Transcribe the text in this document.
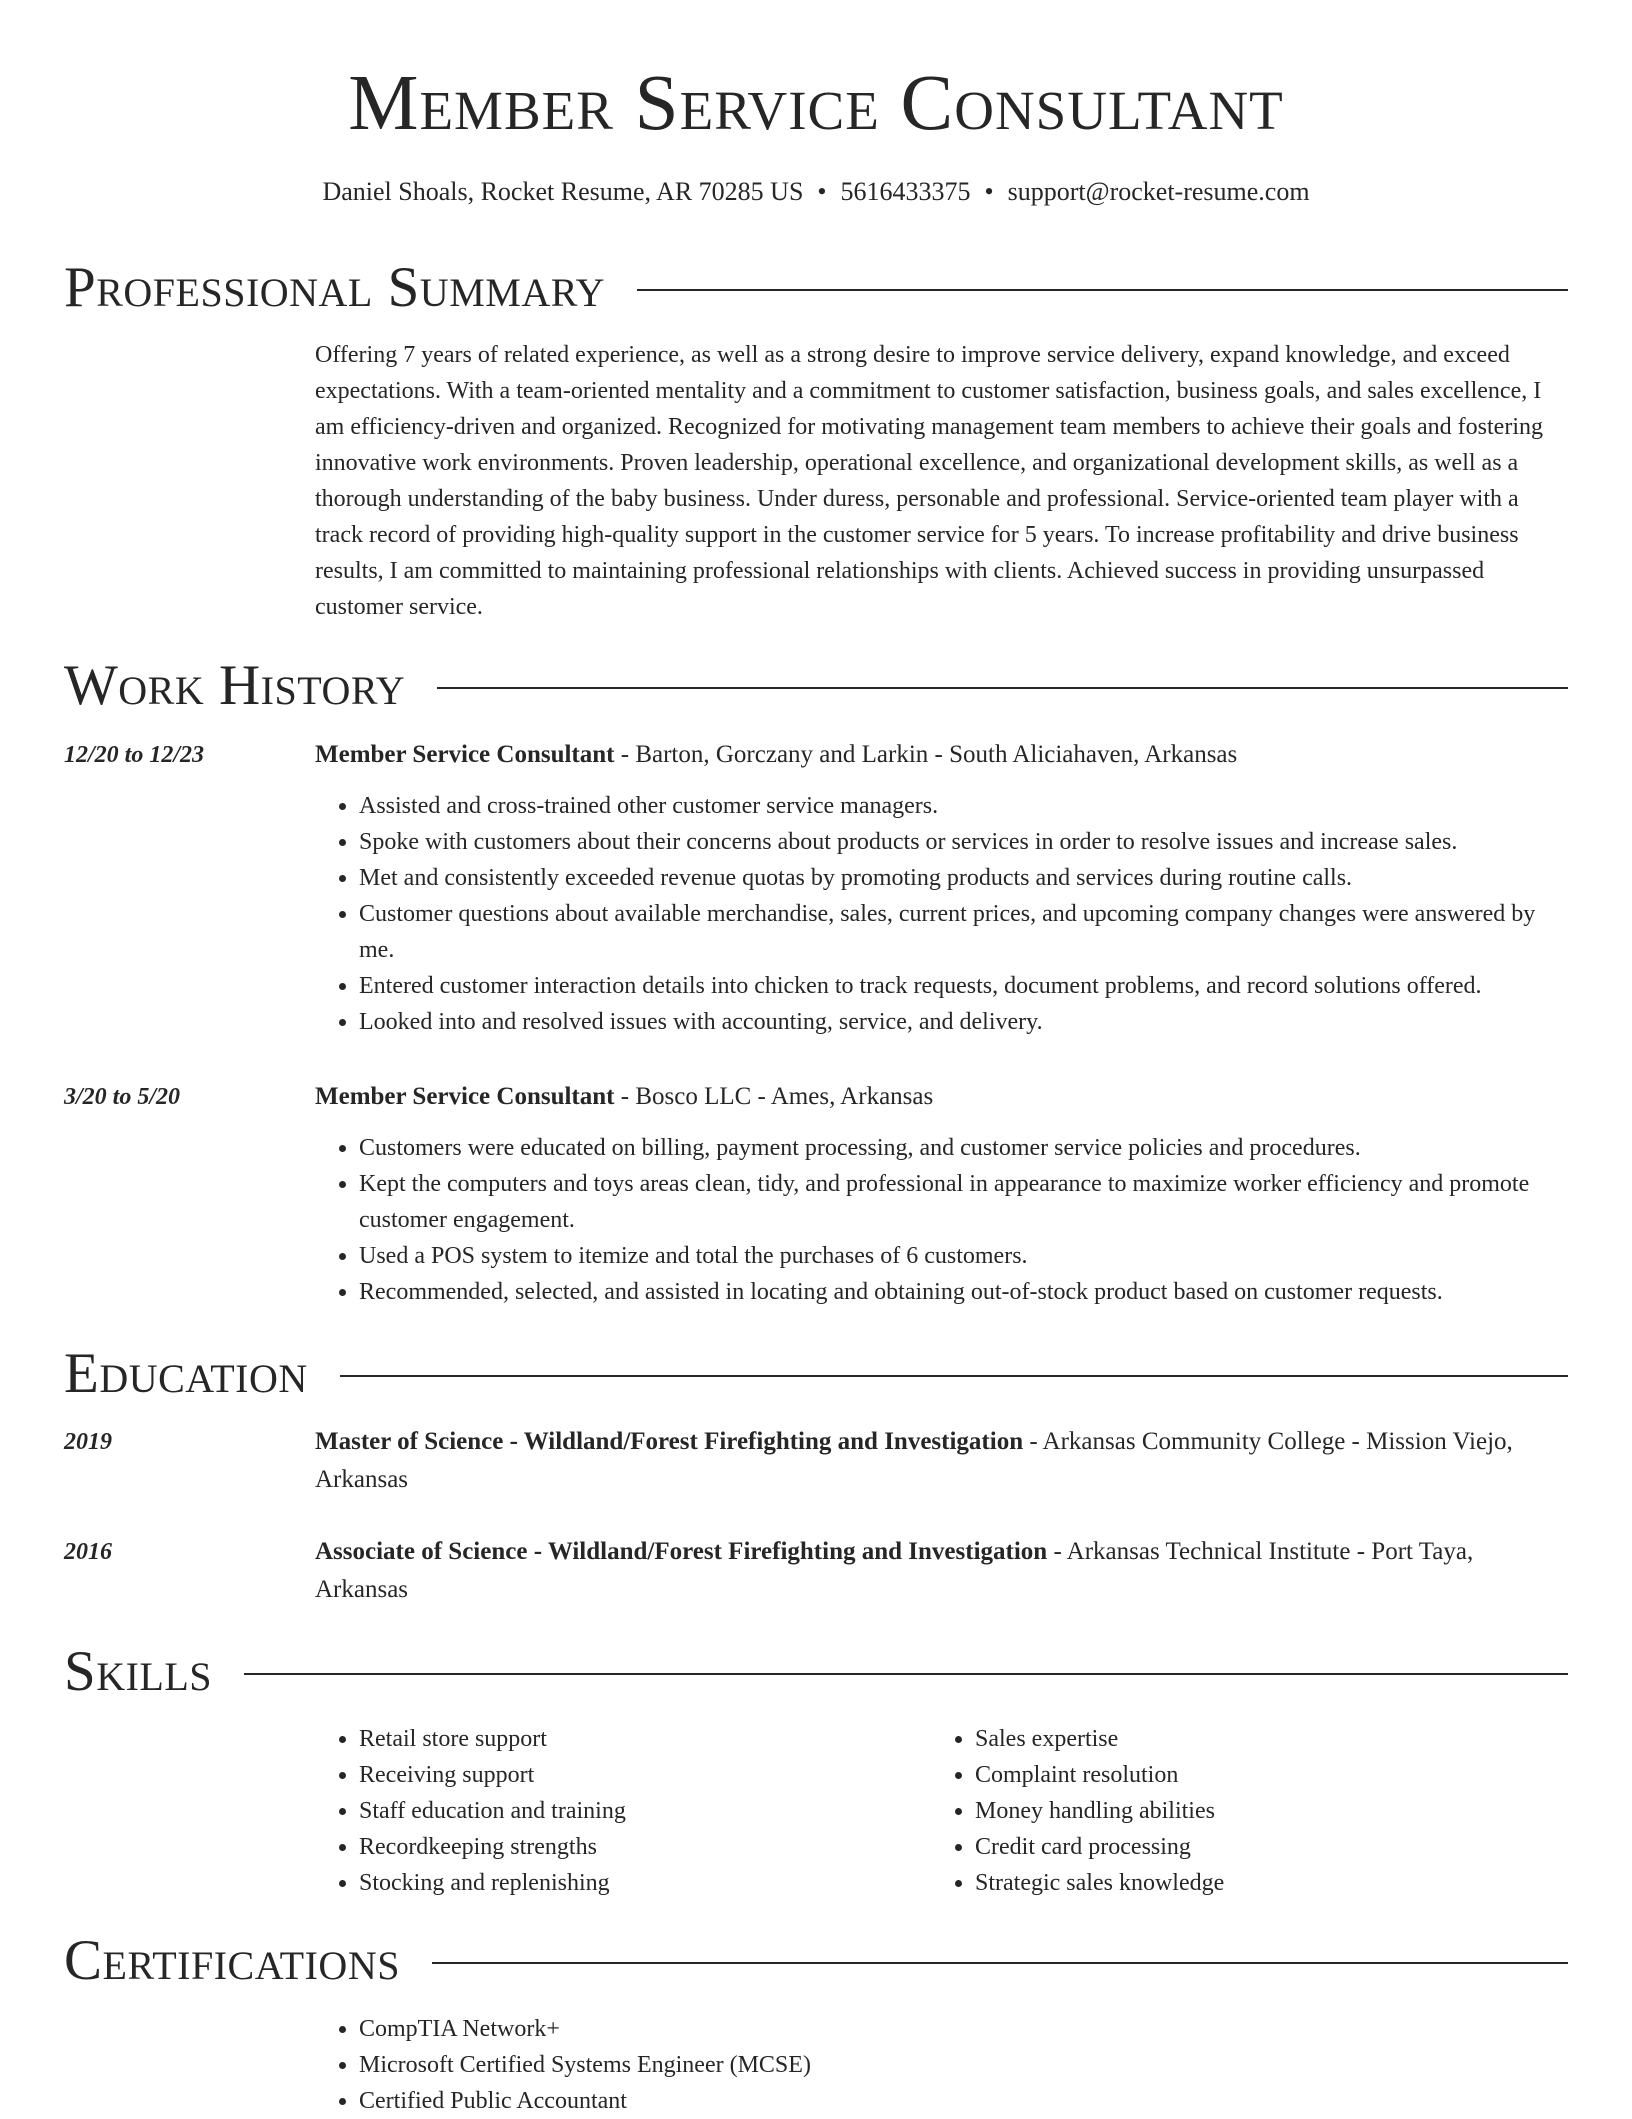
Member Service Consultant
Daniel Shoals, Rocket Resume, AR 70285 US • 5616433375 • support@rocket-resume.com
Professional Summary

Offering 7 years of related experience, as well as a strong desire to improve service delivery, expand knowledge, and exceed expectations. With a team-oriented mentality and a commitment to customer satisfaction, business goals, and sales excellence, I am efficiency-driven and organized. Recognized for motivating management team members to achieve their goals and fostering innovative work environments. Proven leadership, operational excellence, and organizational development skills, as well as a thorough understanding of the baby business. Under duress, personable and professional. Service-oriented team player with a track record of providing high-quality support in the customer service for 5 years. To increase profitability and drive business results, I am committed to maintaining professional relationships with clients. Achieved success in providing unsurpassed customer service.

Work History
12/20 to 12/23	Member Service Consultant - Barton, Gorczany and Larkin - South Aliciahaven, Arkansas

• Assisted and cross-trained other customer service managers.
• Spoke with customers about their concerns about products or services in order to resolve issues and increase sales.
• Met and consistently exceeded revenue quotas by promoting products and services during routine calls.
• Customer questions about available merchandise, sales, current prices, and upcoming company changes were answered by me.
• Entered customer interaction details into chicken to track requests, document problems, and record solutions offered.
• Looked into and resolved issues with accounting, service, and delivery.
3/20 to 5/20	Member Service Consultant - Bosco LLC - Ames, Arkansas

• Customers were educated on billing, payment processing, and customer service policies and procedures.
• Kept the computers and toys areas clean, tidy, and professional in appearance to maximize worker efficiency and promote customer engagement.
• Used a POS system to itemize and total the purchases of 6 customers.
• Recommended, selected, and assisted in locating and obtaining out-of-stock product based on customer requests.
Education
2019	Master of Science - Wildland/Forest Firefighting and Investigation - Arkansas Community College - Mission Viejo, Arkansas

2016	Associate of Science - Wildland/Forest Firefighting and Investigation - Arkansas Technical Institute - Port Taya, Arkansas

Skills
• Retail store support
• Receiving support
• Staff education and training
• Recordkeeping strengths
• Stocking and replenishing
• Sales expertise
• Complaint resolution
• Money handling abilities
• Credit card processing
• Strategic sales knowledge
Certifications
• CompTIA Network+
• Microsoft Certified Systems Engineer (MCSE)
• Certified Public Accountant
